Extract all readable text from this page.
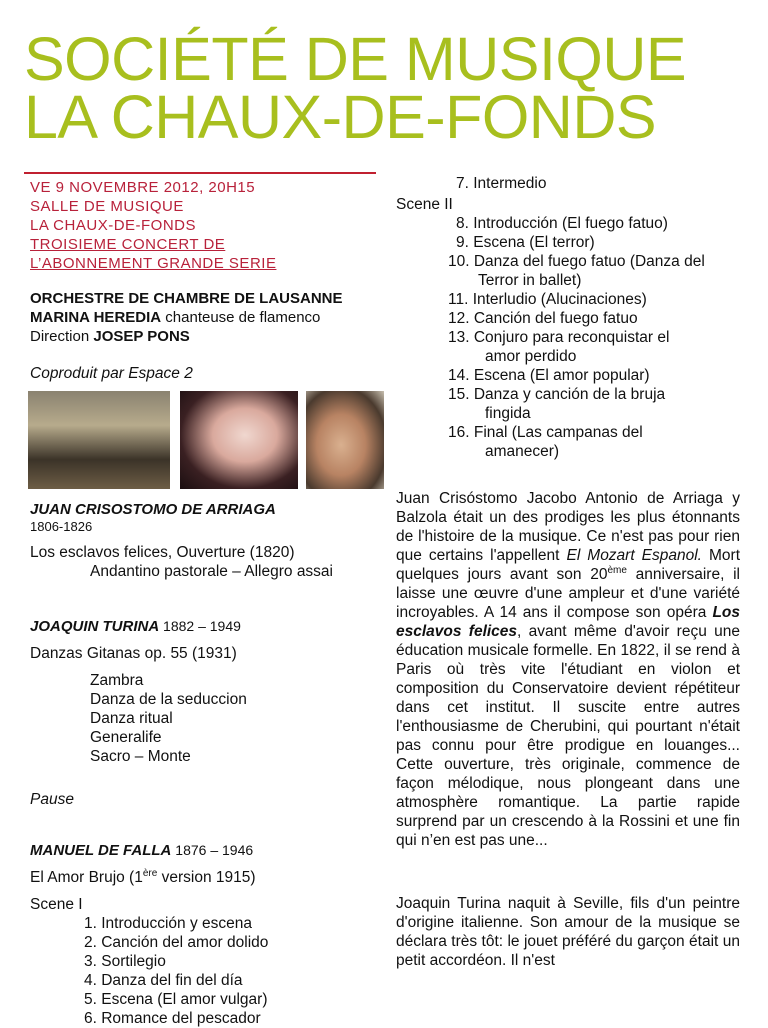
SOCIÉTÉ DE MUSIQUE
LA CHAUX-DE-FONDS
VE 9 NOVEMBRE 2012, 20H15
SALLE DE MUSIQUE
LA CHAUX-DE-FONDS
TROISIEME CONCERT DE
L’ABONNEMENT GRANDE SERIE
ORCHESTRE DE CHAMBRE DE LAUSANNE
MARINA HEREDIA chanteuse de flamenco
Direction JOSEP PONS
Coproduit par Espace 2
JUAN CRISOSTOMO DE ARRIAGA
1806-1826
Los esclavos felices, Ouverture (1820)
Andantino pastorale – Allegro assai
JOAQUIN TURINA 1882 – 1949
Danzas Gitanas op. 55 (1931)
Zambra
Danza de la seduccion
Danza ritual
Generalife
Sacro – Monte
Pause
MANUEL DE FALLA 1876 – 1946
El Amor Brujo (1ère version 1915)
Scene I
1. Introducción y escena
2. Canción del amor dolido
3. Sortilegio
4. Danza del fin del día
5. Escena (El amor vulgar)
6. Romance del pescador
7. Intermedio
Scene II
8. Introducción (El fuego fatuo)
9. Escena (El terror)
10. Danza del fuego fatuo (Danza del
Terror in ballet)
11. Interludio (Alucinaciones)
12. Canción del fuego fatuo
13. Conjuro para reconquistar el
amor perdido
14. Escena (El amor popular)
15. Danza y canción de la bruja
fingida
16. Final (Las campanas del
amanecer)

Juan Crisóstomo Jacobo Antonio de Arriaga y Balzola était un des prodiges les plus étonnants de l'histoire de la musique. Ce n'est pas pour rien que certains l'appellent El Mozart Espanol. Mort quelques jours avant son 20ème anniversaire, il laisse une œuvre d'une ampleur et d'une variété incroyables. A 14 ans il compose son opéra Los esclavos felices, avant même d'avoir reçu une éducation musicale formelle. En 1822, il se rend à Paris où très vite l'étudiant en violon et composition du Conservatoire devient répétiteur dans cet institut. Il suscite entre autres l'enthousiasme de Cherubini, qui pourtant n'était pas connu pour être prodigue en louanges... Cette ouverture, très originale, commence de façon mélodique, nous plongeant dans une atmosphère romantique. La partie rapide surprend par un crescendo à la Rossini et une fin qui n’en est pas une...

Joaquin Turina naquit à Seville, fils d'un peintre d'origine italienne. Son amour de la musique se déclara très tôt: le jouet préféré du garçon était un petit accordéon. Il n'est
